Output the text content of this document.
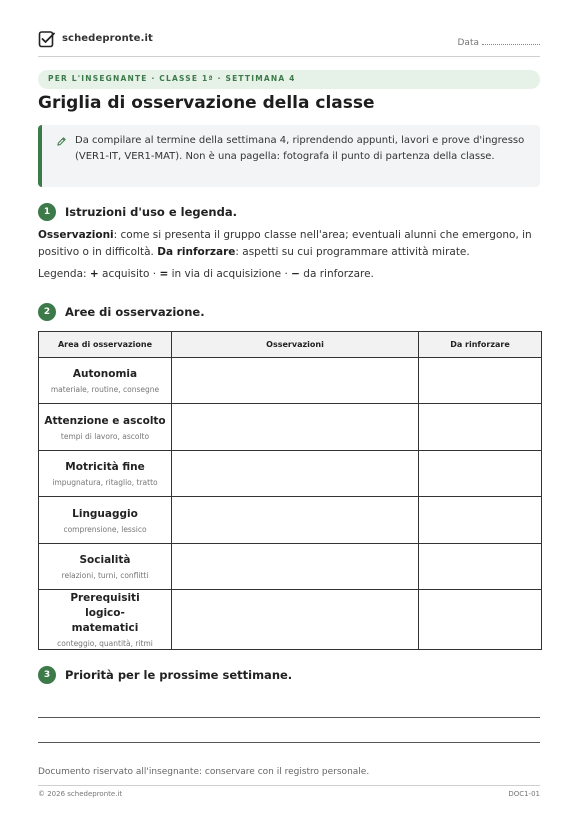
schedepronte.it	Data
PER L'INSEGNANTE · CLASSE 1ª · SETTIMANA 4
Griglia di osservazione della classe
Da compilare al termine della settimana 4, riprendendo appunti, lavori e prove d'ingresso (VER1-IT, VER1-MAT). Non è una pagella: fotografa il punto di partenza della classe.
1	Istruzioni d'uso e legenda.
Osservazioni: come si presenta il gruppo classe nell'area; eventuali alunni che emergono, in positivo o in difficoltà. Da rinforzare: aspetti su cui programmare attività mirate.
Legenda: + acquisito · = in via di acquisizione · − da rinforzare.
2	Aree di osservazione.
Area di osservazione	Osservazioni	Da rinforzare

Autonomia
materiale, routine, consegne		

Attenzione e ascolto
tempi di lavoro, ascolto		

Motricità fine
impugnatura, ritaglio, tratto		

Linguaggio
comprensione, lessico		

Socialità
relazioni, turni, conflitti		

Prerequisiti logico-matematici
conteggio, quantità, ritmi		

3	Priorità per le prossime settimane.
Documento riservato all'insegnante: conservare con il registro personale.
© 2026 schedepronte.it	DOC1-01
